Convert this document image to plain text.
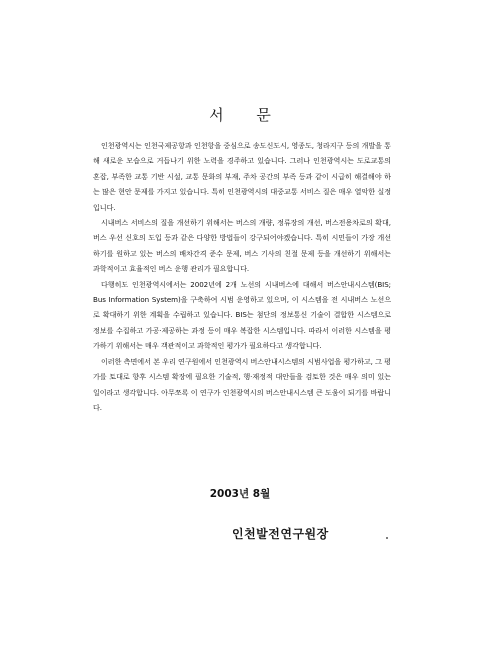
서 문

인천광역시는 인천국제공항과 인천항을 중심으로 송도신도시, 영종도, 청라지구 등의 개발을 통해 새로운 모습으로 거듭나기 위한 노력을 경주하고 있습니다. 그러나 인천광역시는 도로교통의 혼잡, 부족한 교통 기반 시설, 교통 문화의 부재, 주차 공간의 부족 등과 같이 시급히 해결해야 하는 많은 현안 문제를 가지고 있습니다. 특히 인천광역시의 대중교통 서비스 질은 매우 열악한 실정입니다.

시내버스 서비스의 질을 개선하기 위해서는 버스의 개량, 정류장의 개선, 버스전용차로의 확대, 버스 우선 신호의 도입 등과 같은 다양한 방법들이 강구되어야겠습니다. 특히 시민들이 가장 개선하기를 원하고 있는 버스의 배차간격 준수 문제, 버스 기사의 친절 문제 등을 개선하기 위해서는 과학적이고 효율적인 버스 운행 관리가 필요합니다.

다행히도 인천광역시에서는 2002년에 2개 노선의 시내버스에 대해서 버스안내시스템(BIS; Bus Information System)을 구축하여 시범 운영하고 있으며, 이 시스템을 전 시내버스 노선으로 확대하기 위한 계획을 수립하고 있습니다. BIS는 첨단의 정보통신 기술이 결합한 시스템으로 정보를 수집하고 가공·제공하는 과정 등이 매우 복잡한 시스템입니다. 따라서 이러한 시스템을 평가하기 위해서는 매우 객관적이고 과학적인 평가가 필요하다고 생각합니다.

이러한 측면에서 본 우리 연구원에서 인천광역시 버스안내시스템의 시범사업을 평가하고, 그 평가를 토대로 향후 시스템 확장에 필요한 기술적, 행·재정적 대안들을 검토한 것은 매우 의미 있는 일이라고 생각합니다. 아무쪼록 이 연구가 인천광역시의 버스안내시스템 큰 도움이 되기를 바랍니다.

2003년 8월
인천발전연구원장
